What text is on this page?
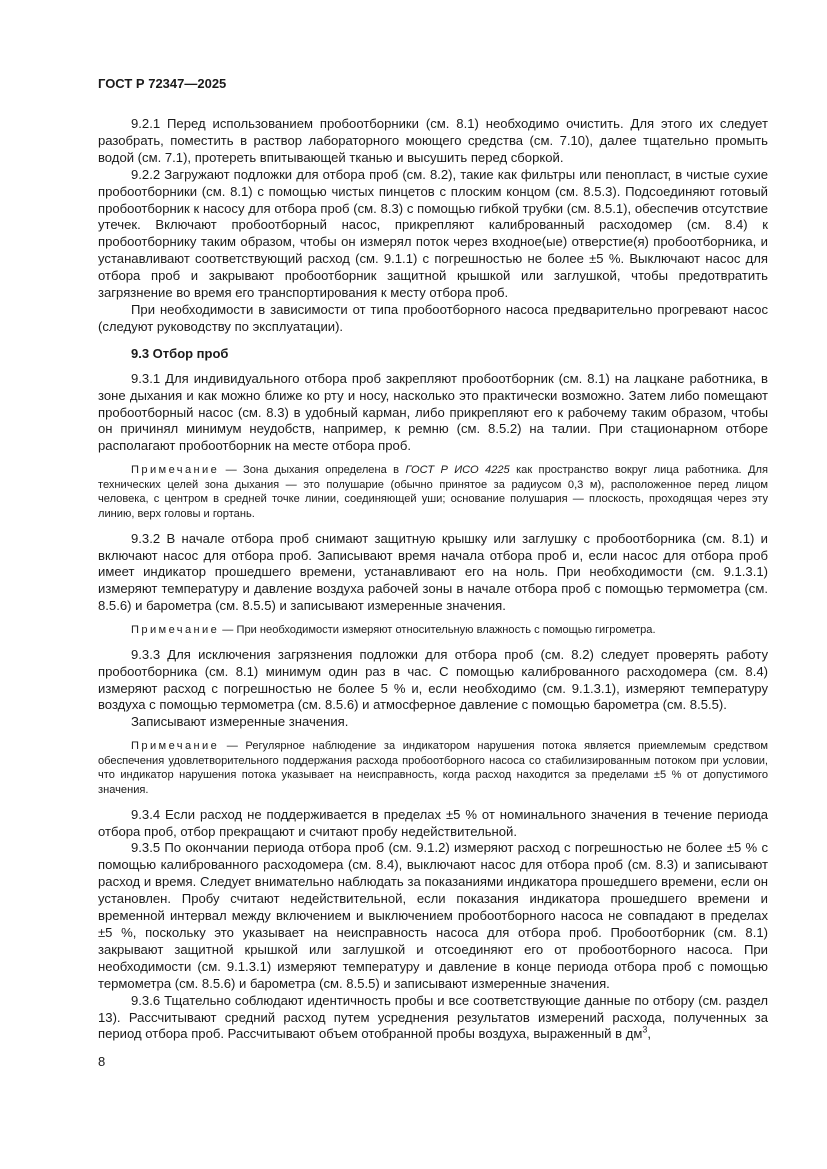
ГОСТ Р 72347—2025

9.2.1 Перед использованием пробоотборники (см. 8.1) необходимо очистить. Для этого их следует разобрать, поместить в раствор лабораторного моющего средства (см. 7.10), далее тщательно промыть водой (см. 7.1), протереть впитывающей тканью и высушить перед сборкой.

9.2.2 Загружают подложки для отбора проб (см. 8.2), такие как фильтры или пенопласт, в чистые сухие пробоотборники (см. 8.1) с помощью чистых пинцетов с плоским концом (см. 8.5.3). Подсоединяют готовый пробоотборник к насосу для отбора проб (см. 8.3) с помощью гибкой трубки (см. 8.5.1), обеспечив отсутствие утечек. Включают пробоотборный насос, прикрепляют калиброванный расходомер (см. 8.4) к пробоотборнику таким образом, чтобы он измерял поток через входное(ые) отверстие(я) пробоотборника, и устанавливают соответствующий расход (см. 9.1.1) с погрешностью не более ±5 %. Выключают насос для отбора проб и закрывают пробоотборник защитной крышкой или заглушкой, чтобы предотвратить загрязнение во время его транспортирования к месту отбора проб.

При необходимости в зависимости от типа пробоотборного насоса предварительно прогревают насос (следуют руководству по эксплуатации).

9.3 Отбор проб

9.3.1 Для индивидуального отбора проб закрепляют пробоотборник (см. 8.1) на лацкане работника, в зоне дыхания и как можно ближе ко рту и носу, насколько это практически возможно. Затем либо помещают пробоотборный насос (см. 8.3) в удобный карман, либо прикрепляют его к рабочему таким образом, чтобы он причинял минимум неудобств, например, к ремню (см. 8.5.2) на талии. При стационарном отборе располагают пробоотборник на месте отбора проб.

Примечание — Зона дыхания определена в ГОСТ Р ИСО 4225 как пространство вокруг лица работника. Для технических целей зона дыхания — это полушарие (обычно принятое за радиусом 0,3 м), расположенное перед лицом человека, с центром в средней точке линии, соединяющей уши; основание полушария — плоскость, проходящая через эту линию, верх головы и гортань.

9.3.2 В начале отбора проб снимают защитную крышку или заглушку с пробоотборника (см. 8.1) и включают насос для отбора проб. Записывают время начала отбора проб и, если насос для отбора проб имеет индикатор прошедшего времени, устанавливают его на ноль. При необходимости (см. 9.1.3.1) измеряют температуру и давление воздуха рабочей зоны в начале отбора проб с помощью термометра (см. 8.5.6) и барометра (см. 8.5.5) и записывают измеренные значения.

Примечание — При необходимости измеряют относительную влажность с помощью гигрометра.

9.3.3 Для исключения загрязнения подложки для отбора проб (см. 8.2) следует проверять работу пробоотборника (см. 8.1) минимум один раз в час. С помощью калиброванного расходомера (см. 8.4) измеряют расход с погрешностью не более 5 % и, если необходимо (см. 9.1.3.1), измеряют температуру воздуха с помощью термометра (см. 8.5.6) и атмосферное давление с помощью барометра (см. 8.5.5).

Записывают измеренные значения.

Примечание — Регулярное наблюдение за индикатором нарушения потока является приемлемым средством обеспечения удовлетворительного поддержания расхода пробоотборного насоса со стабилизированным потоком при условии, что индикатор нарушения потока указывает на неисправность, когда расход находится за пределами ±5 % от допустимого значения.

9.3.4 Если расход не поддерживается в пределах ±5 % от номинального значения в течение периода отбора проб, отбор прекращают и считают пробу недействительной.

9.3.5 По окончании периода отбора проб (см. 9.1.2) измеряют расход с погрешностью не более ±5 % с помощью калиброванного расходомера (см. 8.4), выключают насос для отбора проб (см. 8.3) и записывают расход и время. Следует внимательно наблюдать за показаниями индикатора прошедшего времени, если он установлен. Пробу считают недействительной, если показания индикатора прошедшего времени и временной интервал между включением и выключением пробоотборного насоса не совпадают в пределах ±5 %, поскольку это указывает на неисправность насоса для отбора проб. Пробоотборник (см. 8.1) закрывают защитной крышкой или заглушкой и отсоединяют его от пробоотборного насоса. При необходимости (см. 9.1.3.1) измеряют температуру и давление в конце периода отбора проб с помощью термометра (см. 8.5.6) и барометра (см. 8.5.5) и записывают измеренные значения.

9.3.6 Тщательно соблюдают идентичность пробы и все соответствующие данные по отбору (см. раздел 13). Рассчитывают средний расход путем усреднения результатов измерений расхода, полученных за период отбора проб. Рассчитывают объем отобранной пробы воздуха, выраженный в $дм^3$,

8
